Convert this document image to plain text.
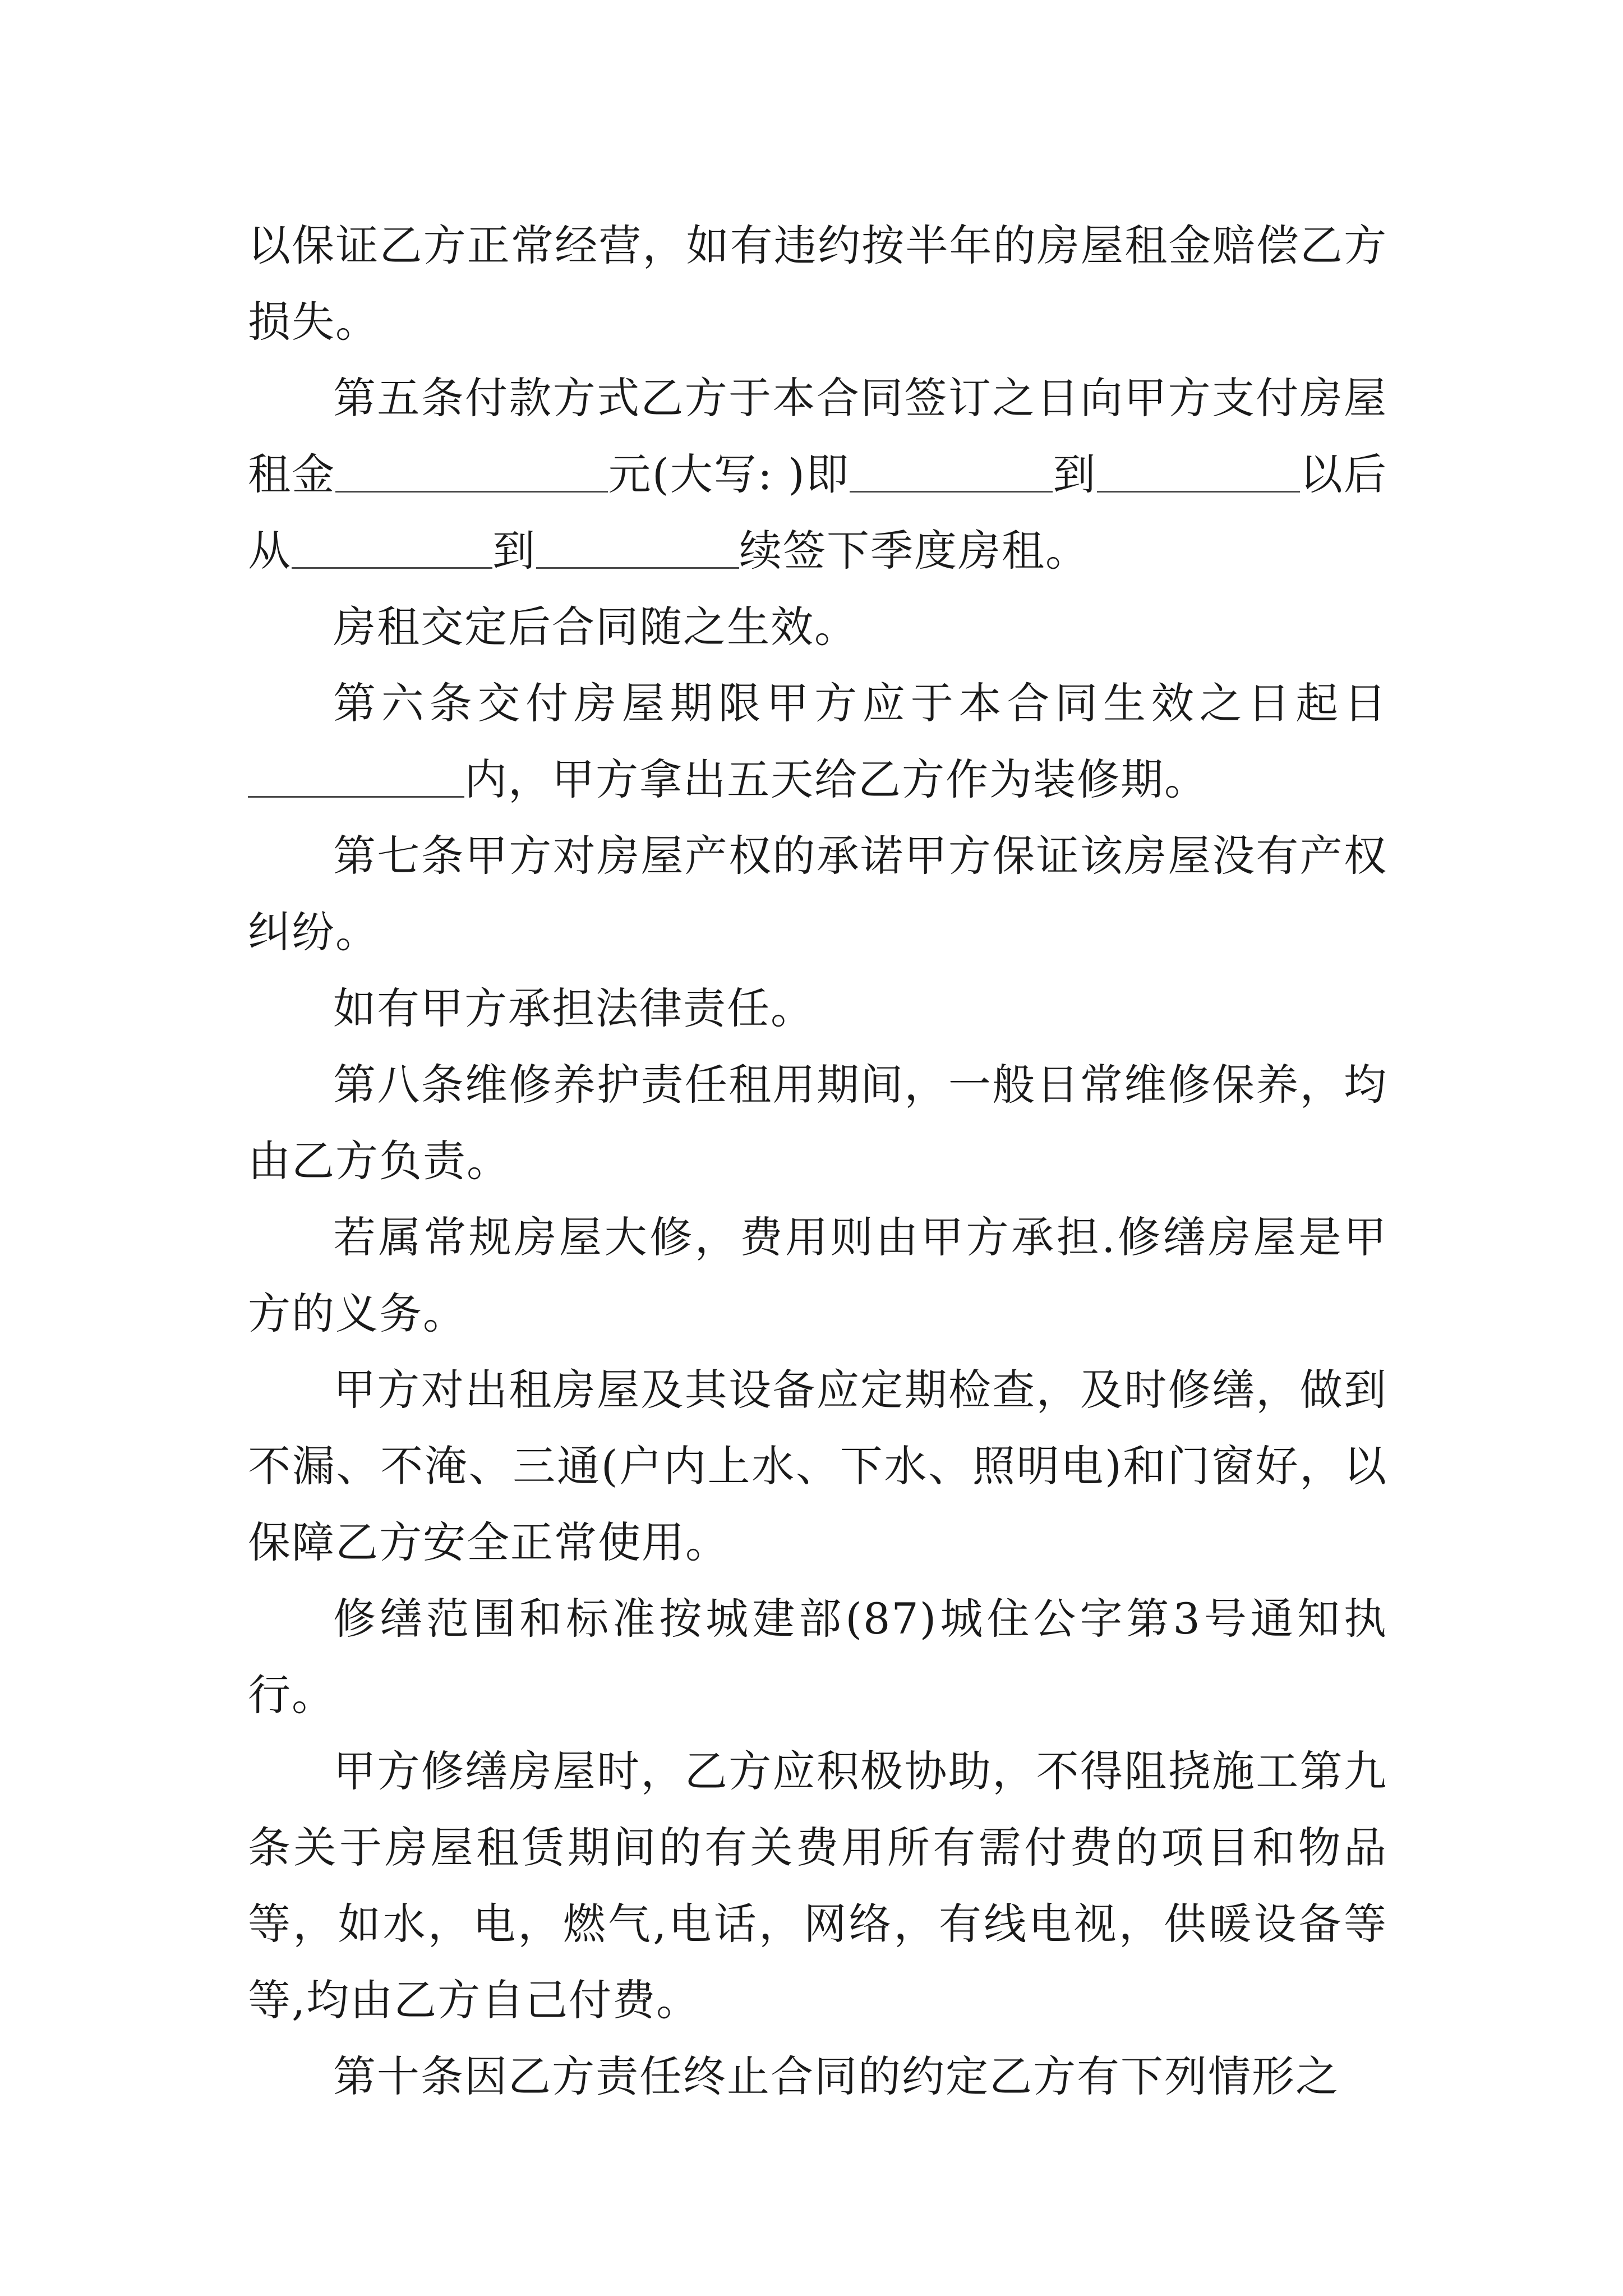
以保证乙方正常经营，如有违约按半年的房屋租金赔偿乙方损失。

第五条付款方式乙方于本合同签订之日向甲方支付房屋租金	元(大写: )即	到	以后从	到	续签下季度房租。

房租交定后合同随之生效。

第六条交付房屋期限甲方应于本合同生效之日起日内，甲方拿出五天给乙方作为装修期。

第七条甲方对房屋产权的承诺甲方保证该房屋没有产权纠纷。

如有甲方承担法律责任。

第八条维修养护责任租用期间，一般日常维修保养，均由乙方负责。

若属常规房屋大修，费用则由甲方承担.修缮房屋是甲方的义务。

甲方对出租房屋及其设备应定期检查，及时修缮，做到不漏、不淹、三通(户内上水、下水、照明电)和门窗好，以保障乙方安全正常使用。

修缮范围和标准按城建部(87)城住公字第3号通知执行。

甲方修缮房屋时，乙方应积极协助，不得阻挠施工第九条关于房屋租赁期间的有关费用所有需付费的项目和物品等，如水，电，燃气,电话，网络，有线电视，供暖设备等等,均由乙方自己付费。

第十条因乙方责任终止合同的约定乙方有下列情形之
